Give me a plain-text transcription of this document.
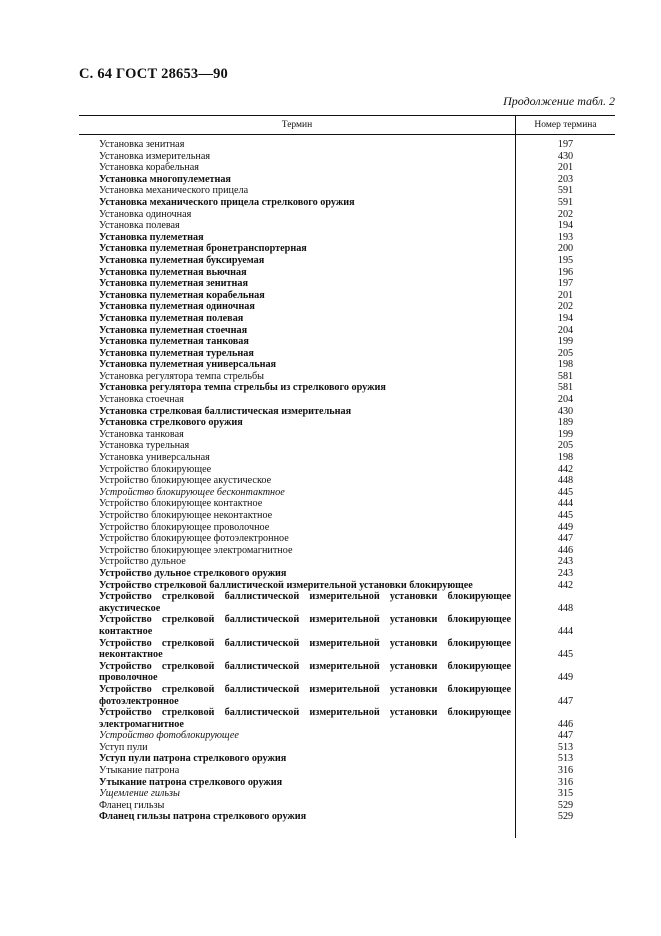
С. 64 ГОСТ 28653—90
Продолжение табл. 2
Термин	Номер термина
Установка зенитная	197
Установка измерительная	430
Установка корабельная	201
Установка многопулеметная	203
Установка механического прицела	591
Установка механического прицела стрелкового оружия	591
Установка одиночная	202
Установка полевая	194
Установка пулеметная	193
Установка пулеметная бронетранспортерная	200
Установка пулеметная буксируемая	195
Установка пулеметная вьючная	196
Установка пулеметная зенитная	197
Установка пулеметная корабельная	201
Установка пулеметная одиночная	202
Установка пулеметная полевая	194
Установка пулеметная стоечная	204
Установка пулеметная танковая	199
Установка пулеметная турельная	205
Установка пулеметная универсальная	198
Установка регулятора темпа стрельбы	581
Установка регулятора темпа стрельбы из стрелкового оружия	581
Установка стоечная	204
Установка стрелковая баллистическая измерительная	430
Установка стрелкового оружия	189
Установка танковая	199
Установка турельная	205
Установка универсальная	198
Устройство блокирующее	442
Устройство блокирующее акустическое	448
Устройство блокирующее бесконтактное	445
Устройство блокирующее контактное	444
Устройство блокирующее неконтактное	445
Устройство блокирующее проволочное	449
Устройство блокирующее фотоэлектронное	447
Устройство блокирующее электромагнитное	446
Устройство дульное	243
Устройство дульное стрелкового оружия	243
Устройство стрелковой баллистической измерительной установки блокирующее	442
Устройство стрелковой баллистической измерительной установки блокирующее акустическое	448
Устройство стрелковой баллистической измерительной установки блокирующее контактное	444
Устройство стрелковой баллистической измерительной установки блокирующее неконтактное	445
Устройство стрелковой баллистической измерительной установки блокирующее проволочное	449
Устройство стрелковой баллистической измерительной установки блокирующее фотоэлектронное	447
Устройство стрелковой баллистической измерительной установки блокирующее электромагнитное	446
Устройство фотоблокирующее	447
Уступ пули	513
Уступ пули патрона стрелкового оружия	513
Утыкание патрона	316
Утыкание патрона стрелкового оружия	316
Ущемление гильзы	315
Фланец гильзы	529
Фланец гильзы патрона стрелкового оружия	529
